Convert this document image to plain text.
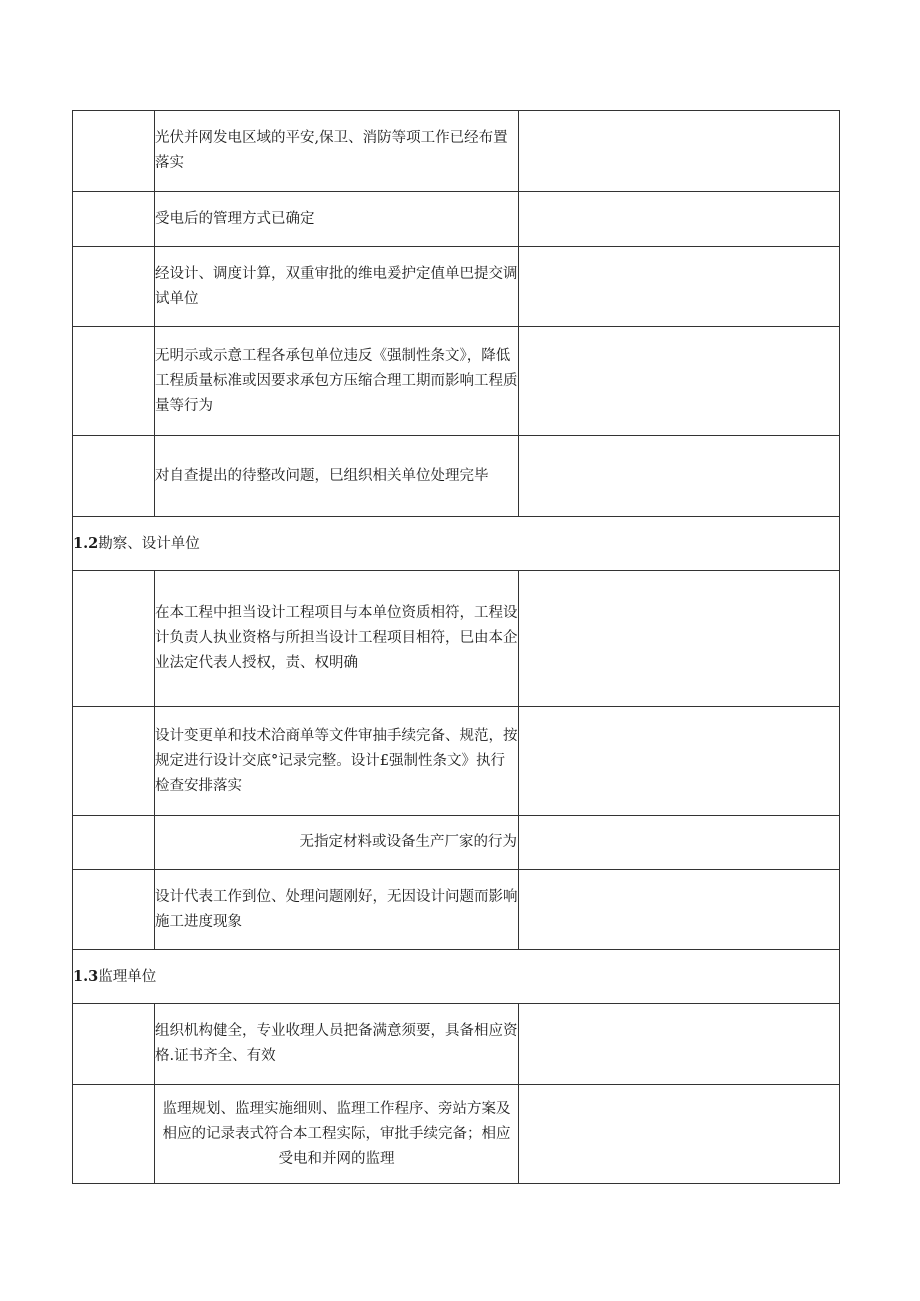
	光伏并网发电区域的平安,保卫、消防等项工作已经布置落实	
	受电后的管理方式已确定	
	经设计、调度计算，双重审批的维电爰护定值单巴提交调试单位	
	无明示或示意工程各承包单位违反《强制性条文》，降低工程质量标准或因要求承包方压缩合理工期而影响工程质量等行为	
	对自查提出的待整改问题，巳组织相关单位处理完毕	
1.2勘察、设计单位		
	在本工程中担当设计工程项目与本单位资质相符，工程设计负责人执业资格与所担当设计工程项目相符，巳由本企业法定代表人授权，责、权明确	
	设计变更单和技术洽商单等文件审抽手续完备、规范，按规定进行设计交底°记录完整。设计£强制性条文》执行检查安排落实	
	无指定材料或设备生产厂家的行为	
	设计代表工作到位、处理问题刚好，无因设计问题而影响施工进度现象	
1.3监理单位		
	组织机构健全，专业收理人员把备满意须要，具备相应资格.证书齐全、有效	
	监理规划、监理实施细则、监理工作程序、旁站方案及相应的记录表式符合本工程实际，审批手续完备；相应受电和并网的监理	
